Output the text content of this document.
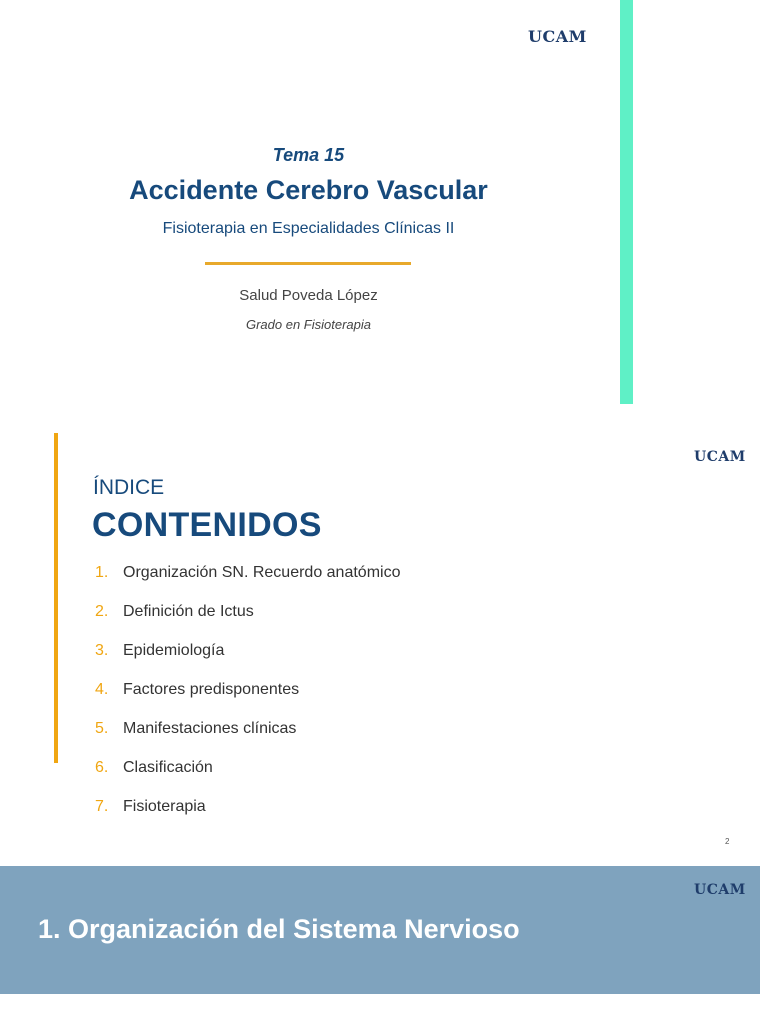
UCAM
Tema 15
Accidente Cerebro Vascular
Fisioterapia en Especialidades Clínicas II
Salud Poveda López
Grado en Fisioterapia
UCAM
ÍNDICE
CONTENIDOS
1. Organización SN. Recuerdo anatómico
2. Definición de Ictus
3. Epidemiología
4. Factores predisponentes
5. Manifestaciones clínicas
6. Clasificación
7. Fisioterapia
2
UCAM
1. Organización del Sistema Nervioso
